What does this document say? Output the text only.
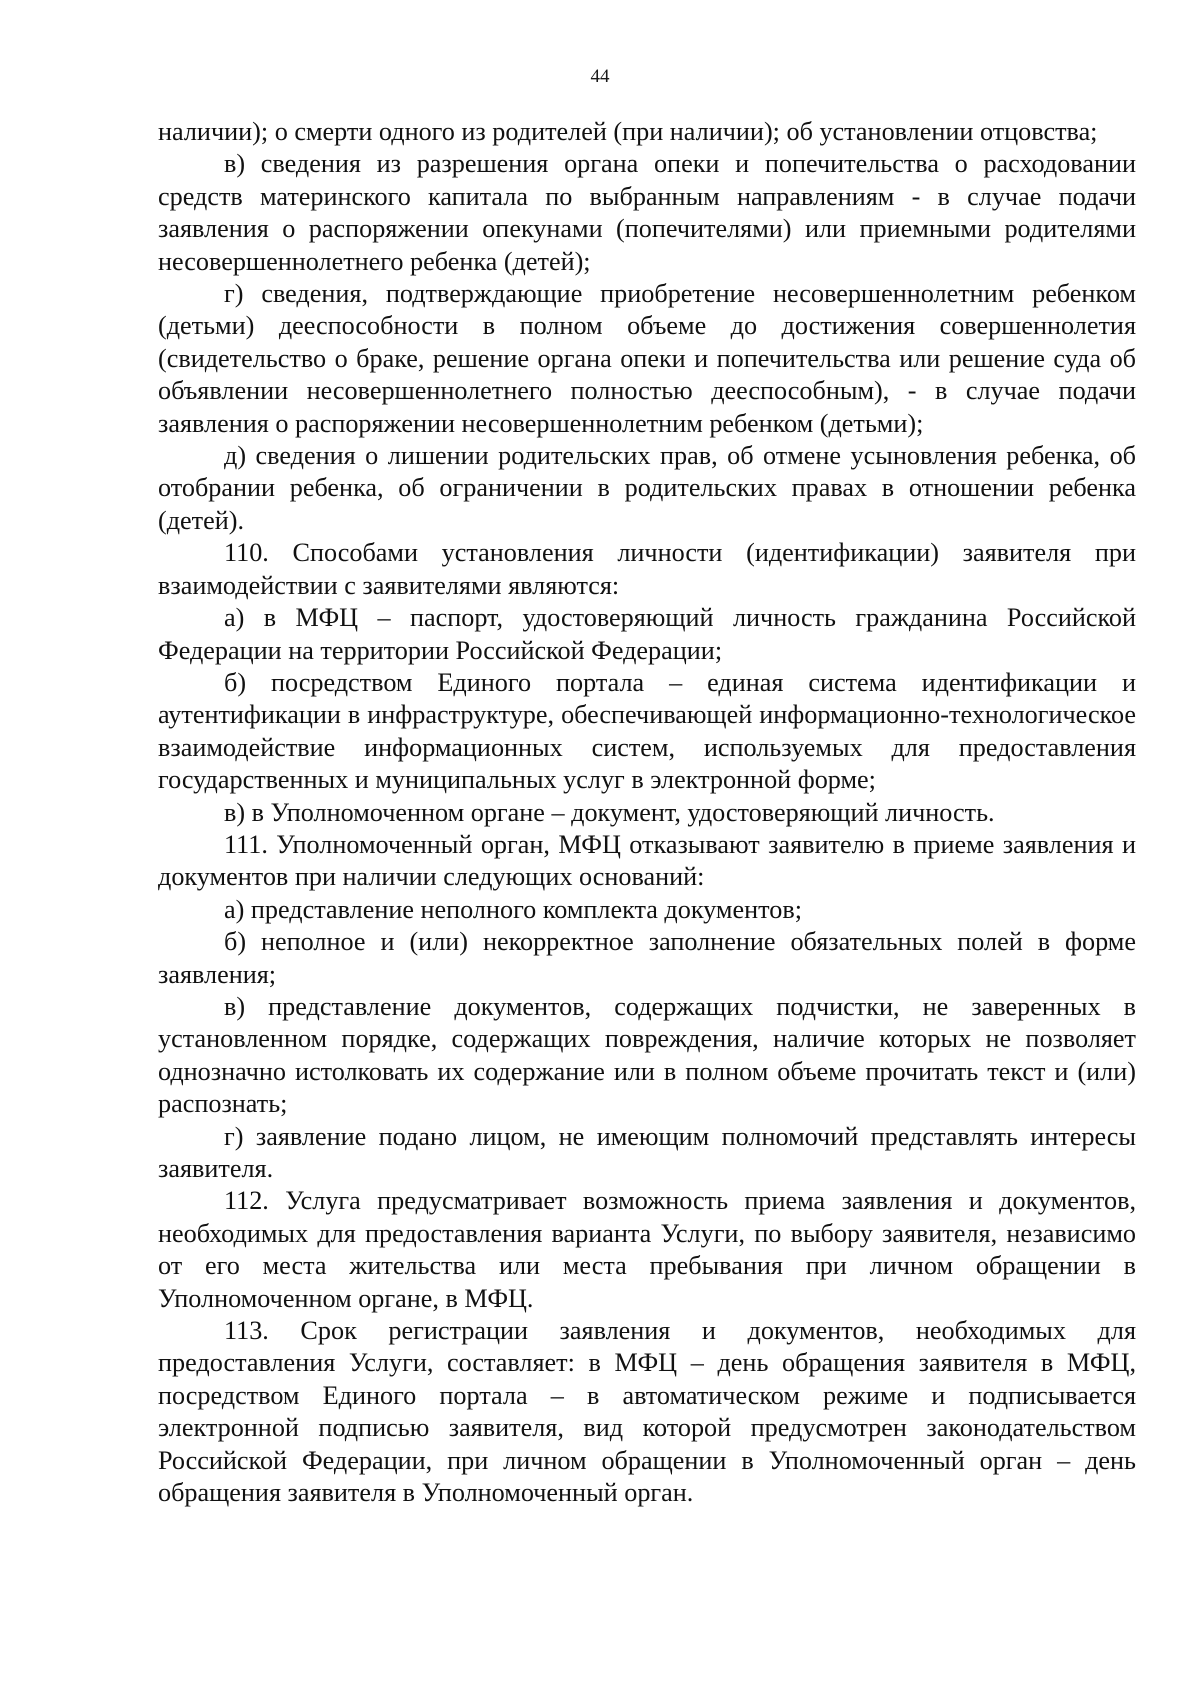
44

наличии); о смерти одного из родителей (при наличии); об установлении отцовства;

в) сведения из разрешения органа опеки и попечительства о расходовании средств материнского капитала по выбранным направлениям - в случае подачи заявления о распоряжении опекунами (попечителями) или приемными родителями несовершеннолетнего ребенка (детей);

г) сведения, подтверждающие приобретение несовершеннолетним ребенком (детьми) дееспособности в полном объеме до достижения совершеннолетия (свидетельство о браке, решение органа опеки и попечительства или решение суда об объявлении несовершеннолетнего полностью дееспособным), - в случае подачи заявления о распоряжении несовершеннолетним ребенком (детьми);

д) сведения о лишении родительских прав, об отмене усыновления ребенка, об отобрании ребенка, об ограничении в родительских правах в отношении ребенка (детей).

110. Способами установления личности (идентификации) заявителя при взаимодействии с заявителями являются:

а) в МФЦ – паспорт, удостоверяющий личность гражданина Российской Федерации на территории Российской Федерации;

б) посредством Единого портала – единая система идентификации и аутентификации в инфраструктуре, обеспечивающей информационно-технологическое взаимодействие информационных систем, используемых для предоставления государственных и муниципальных услуг в электронной форме;

в) в Уполномоченном органе – документ, удостоверяющий личность.

111. Уполномоченный орган, МФЦ отказывают заявителю в приеме заявления и документов при наличии следующих оснований:

а) представление неполного комплекта документов;

б) неполное и (или) некорректное заполнение обязательных полей в форме заявления;

в) представление документов, содержащих подчистки, не заверенных в установленном порядке, содержащих повреждения, наличие которых не позволяет однозначно истолковать их содержание или в полном объеме прочитать текст и (или) распознать;

г) заявление подано лицом, не имеющим полномочий представлять интересы заявителя.

112. Услуга предусматривает возможность приема заявления и документов, необходимых для предоставления варианта Услуги, по выбору заявителя, независимо от его места жительства или места пребывания при личном обращении в Уполномоченном органе, в МФЦ.

113. Срок регистрации заявления и документов, необходимых для предоставления Услуги, составляет: в МФЦ – день обращения заявителя в МФЦ, посредством Единого портала – в автоматическом режиме и подписывается электронной подписью заявителя, вид которой предусмотрен законодательством Российской Федерации, при личном обращении в Уполномоченный орган – день обращения заявителя в Уполномоченный орган.
